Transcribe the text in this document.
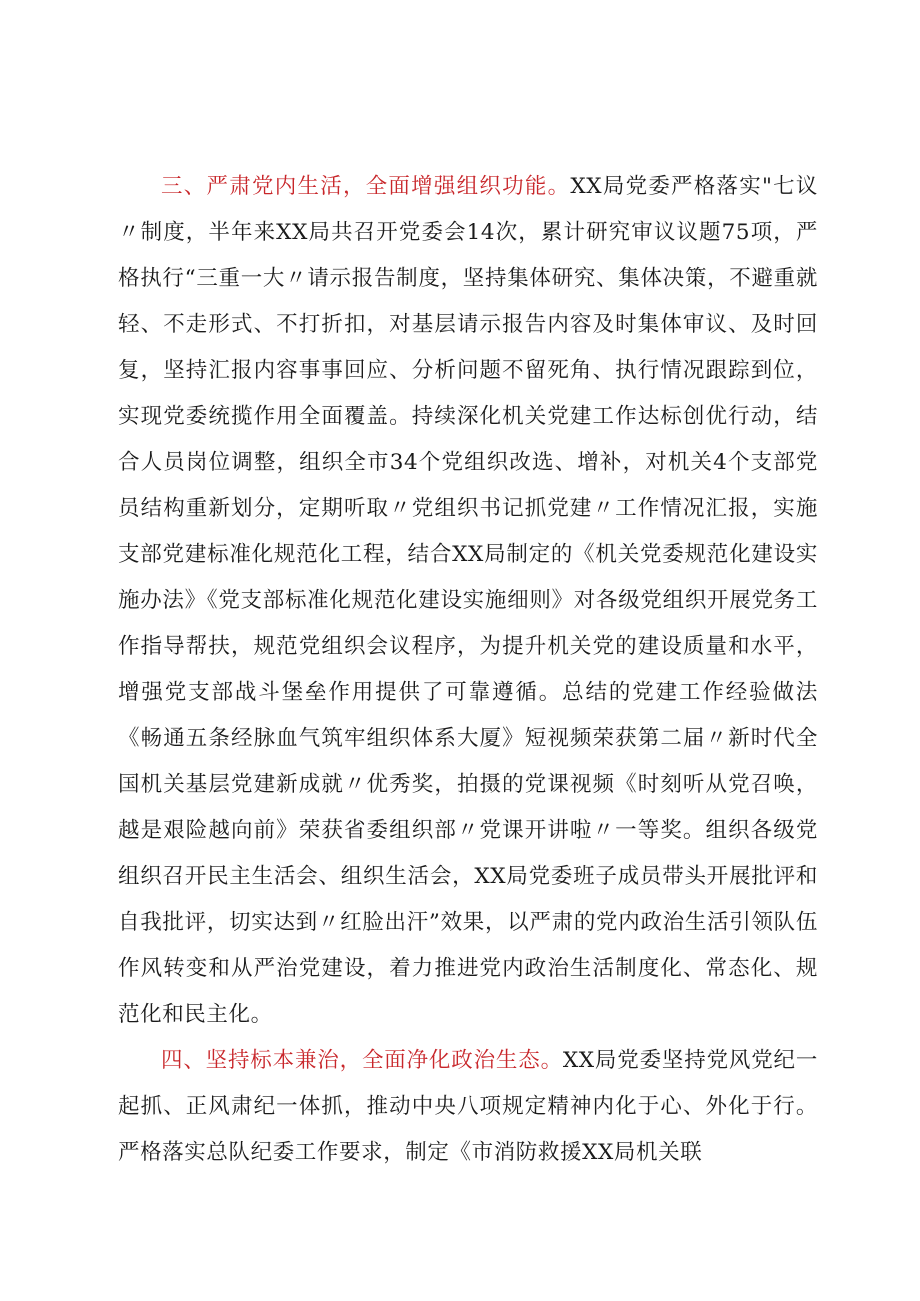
三、严肃党内生活，全面增强组织功能。XX局党委严格落实"七议〃制度，半年来XX局共召开党委会14次，累计研究审议议题75项，严格执行“三重一大〃请示报告制度，坚持集体研究、集体决策，不避重就轻、不走形式、不打折扣，对基层请示报告内容及时集体审议、及时回复，坚持汇报内容事事回应、分析问题不留死角、执行情况跟踪到位，实现党委统揽作用全面覆盖。持续深化机关党建工作达标创优行动，结合人员岗位调整，组织全市34个党组织改选、增补，对机关4个支部党员结构重新划分，定期听取〃党组织书记抓党建〃工作情况汇报，实施支部党建标准化规范化工程，结合XX局制定的《机关党委规范化建设实施办法》《党支部标准化规范化建设实施细则》对各级党组织开展党务工作指导帮扶，规范党组织会议程序，为提升机关党的建设质量和水平，增强党支部战斗堡垒作用提供了可靠遵循。总结的党建工作经验做法《畅通五条经脉血气筑牢组织体系大厦》短视频荣获第二届〃新时代全国机关基层党建新成就〃优秀奖，拍摄的党课视频《时刻听从党召唤，越是艰险越向前》荣获省委组织部〃党课开讲啦〃一等奖。组织各级党组织召开民主生活会、组织生活会，XX局党委班子成员带头开展批评和自我批评，切实达到〃红脸出汗”效果，以严肃的党内政治生活引领队伍作风转变和从严治党建设，着力推进党内政治生活制度化、常态化、规范化和民主化。

四、坚持标本兼治，全面净化政治生态。XX局党委坚持党风党纪一起抓、正风肃纪一体抓，推动中央八项规定精神内化于心、外化于行。严格落实总队纪委工作要求，制定《市消防救援XX局机关联
